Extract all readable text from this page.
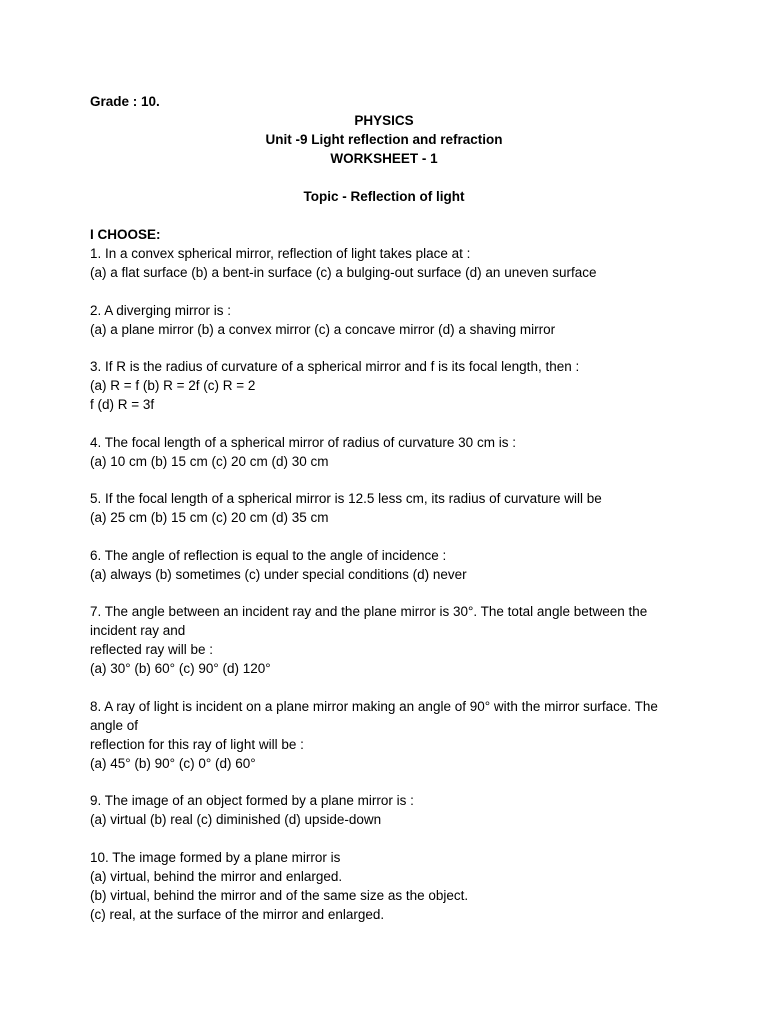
Grade : 10.
PHYSICS
Unit -9 Light reflection and refraction
WORKSHEET - 1
Topic - Reflection of light
I CHOOSE:
1. In a convex spherical mirror, reflection of light takes place at :
(a) a flat surface (b) a bent-in surface (c) a bulging-out surface (d) an uneven surface
2. A diverging mirror is :
(a) a plane mirror (b) a convex mirror (c) a concave mirror (d) a shaving mirror
3. If R is the radius of curvature of a spherical mirror and f is its focal length, then :
(a) R = f (b) R = 2f (c) R = 2
f (d) R = 3f
4. The focal length of a spherical mirror of radius of curvature 30 cm is :
(a) 10 cm (b) 15 cm (c) 20 cm (d) 30 cm
5. If the focal length of a spherical mirror is 12.5 less cm, its radius of curvature will be
(a) 25 cm (b) 15 cm (c) 20 cm (d) 35 cm
6. The angle of reflection is equal to the angle of incidence :
(a) always (b) sometimes (c) under special conditions (d) never
7. The angle between an incident ray and the plane mirror is 30°. The total angle between the
incident ray and
reflected ray will be :
(a) 30° (b) 60° (c) 90° (d) 120°
8. A ray of light is incident on a plane mirror making an angle of 90° with the mirror surface. The
angle of
reflection for this ray of light will be :
(a) 45° (b) 90° (c) 0° (d) 60°
9. The image of an object formed by a plane mirror is :
(a) virtual (b) real (c) diminished (d) upside-down
10. The image formed by a plane mirror is
(a) virtual, behind the mirror and enlarged.
(b) virtual, behind the mirror and of the same size as the object.
(c) real, at the surface of the mirror and enlarged.
